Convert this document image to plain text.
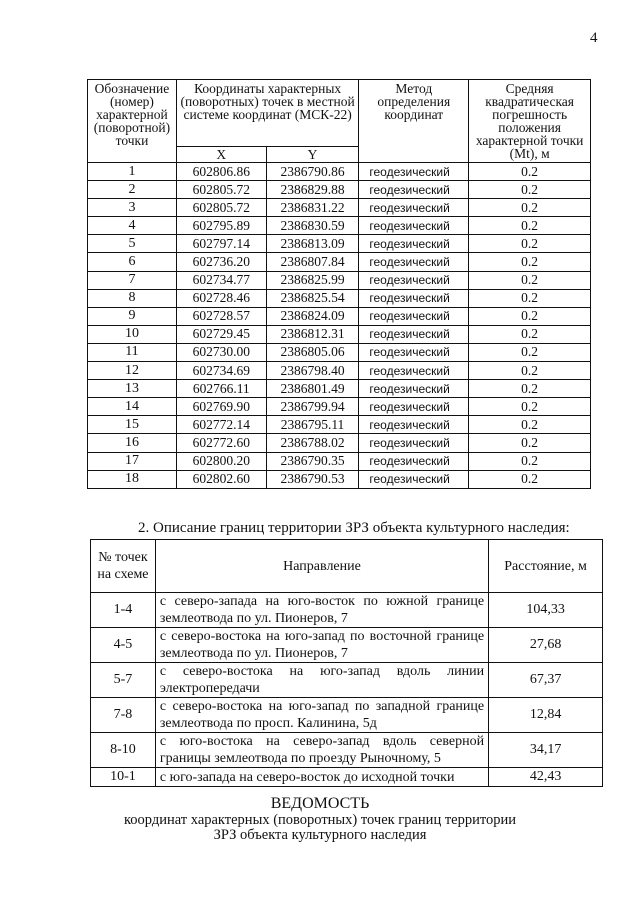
4
Обозначение (номер) характерной (поворотной) точки	Координаты характерных (поворотных) точек в местной системе координат (МСК-22)		Метод определения координат	Средняя квадратическая погрешность положения характерной точки (Mt), м
	X	Y		
1	602806.86	2386790.86	геодезический	0.2
2	602805.72	2386829.88	геодезический	0.2
3	602805.72	2386831.22	геодезический	0.2
4	602795.89	2386830.59	геодезический	0.2
5	602797.14	2386813.09	геодезический	0.2
6	602736.20	2386807.84	геодезический	0.2
7	602734.77	2386825.99	геодезический	0.2
8	602728.46	2386825.54	геодезический	0.2
9	602728.57	2386824.09	геодезический	0.2
10	602729.45	2386812.31	геодезический	0.2
11	602730.00	2386805.06	геодезический	0.2
12	602734.69	2386798.40	геодезический	0.2
13	602766.11	2386801.49	геодезический	0.2
14	602769.90	2386799.94	геодезический	0.2
15	602772.14	2386795.11	геодезический	0.2
16	602772.60	2386788.02	геодезический	0.2
17	602800.20	2386790.35	геодезический	0.2
18	602802.60	2386790.53	геодезический	0.2
2. Описание границ территории ЗРЗ объекта культурного наследия:
№ точек на схеме	Направление	Расстояние, м
1-4	с северо-запада на юго-восток по южной границе землеотвода по ул. Пионеров, 7	104,33
4-5	с северо-востока на юго-запад по восточной границе землеотвода по ул. Пионеров, 7	27,68
5-7	с северо-востока на юго-запад вдоль линии электропередачи	67,37
7-8	с северо-востока на юго-запад по западной границе землеотвода по просп. Калинина, 5д	12,84
8-10	с юго-востока на северо-запад вдоль северной границы землеотвода по проезду Рыночному, 5	34,17
10-1	с юго-запада на северо-восток до исходной точки	42,43
ВЕДОМОСТЬ
координат характерных (поворотных) точек границ территории
ЗРЗ объекта культурного наследия
